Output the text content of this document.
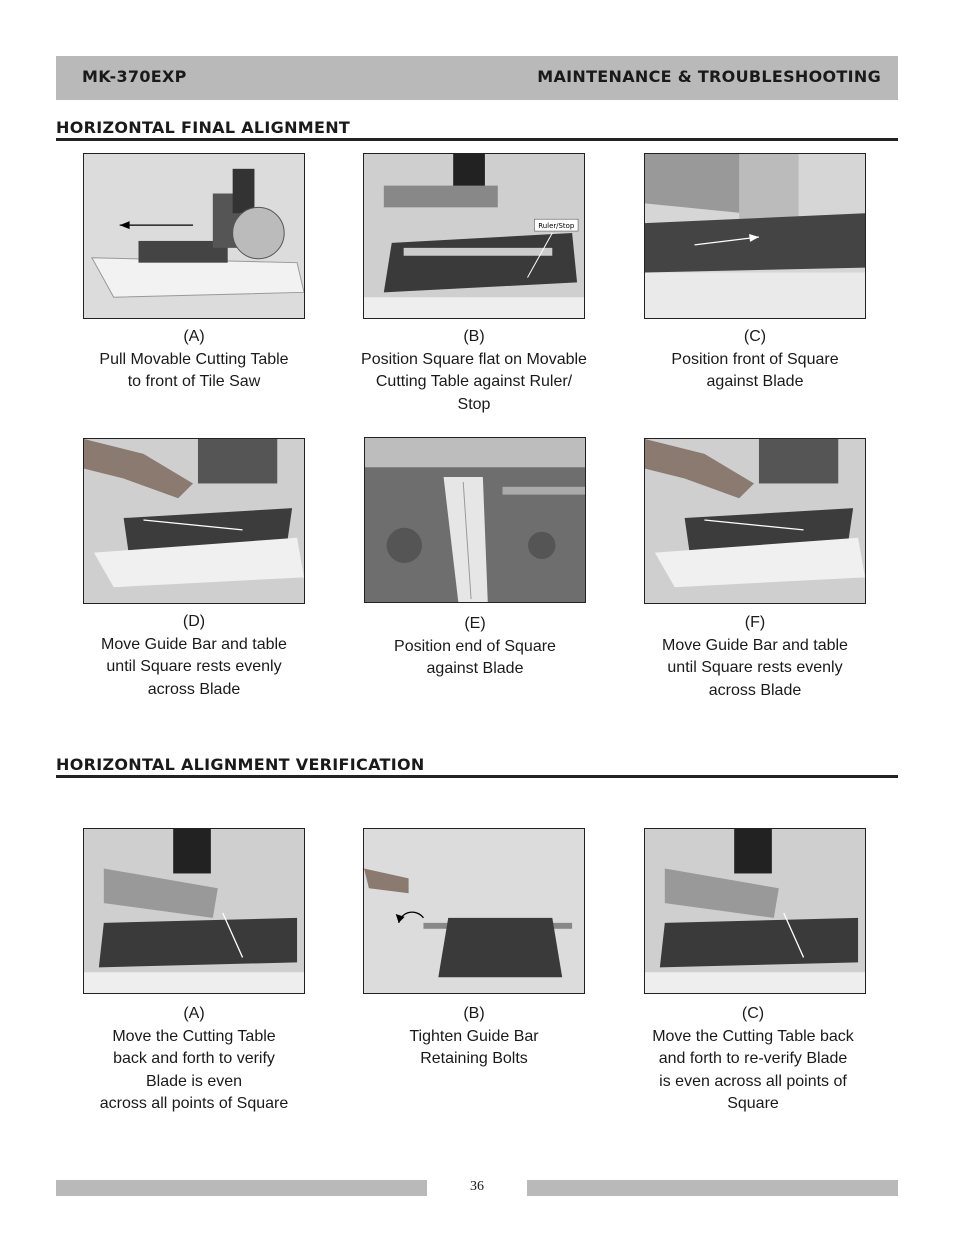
MK-370EXP	MAINTENANCE & TROUBLESHOOTING
HORIZONTAL FINAL ALIGNMENT
Ruler/Stop
(A)
Pull Movable Cutting Table
to front of Tile Saw
(B)
Position Square flat on Movable
Cutting Table against Ruler/
Stop
(C)
Position front of Square
against Blade
(D)
Move Guide Bar and table
until Square rests evenly
across Blade
(E)
Position end of Square
against Blade
(F)
Move Guide Bar and table
until Square rests evenly
across Blade
HORIZONTAL ALIGNMENT VERIFICATION
(A)
Move the Cutting Table
back and forth to verify
Blade is even
across all points of Square
(B)
Tighten Guide Bar
Retaining Bolts
(C)
Move the Cutting Table back
and forth to re-verify Blade
is even across all points of
Square
36
